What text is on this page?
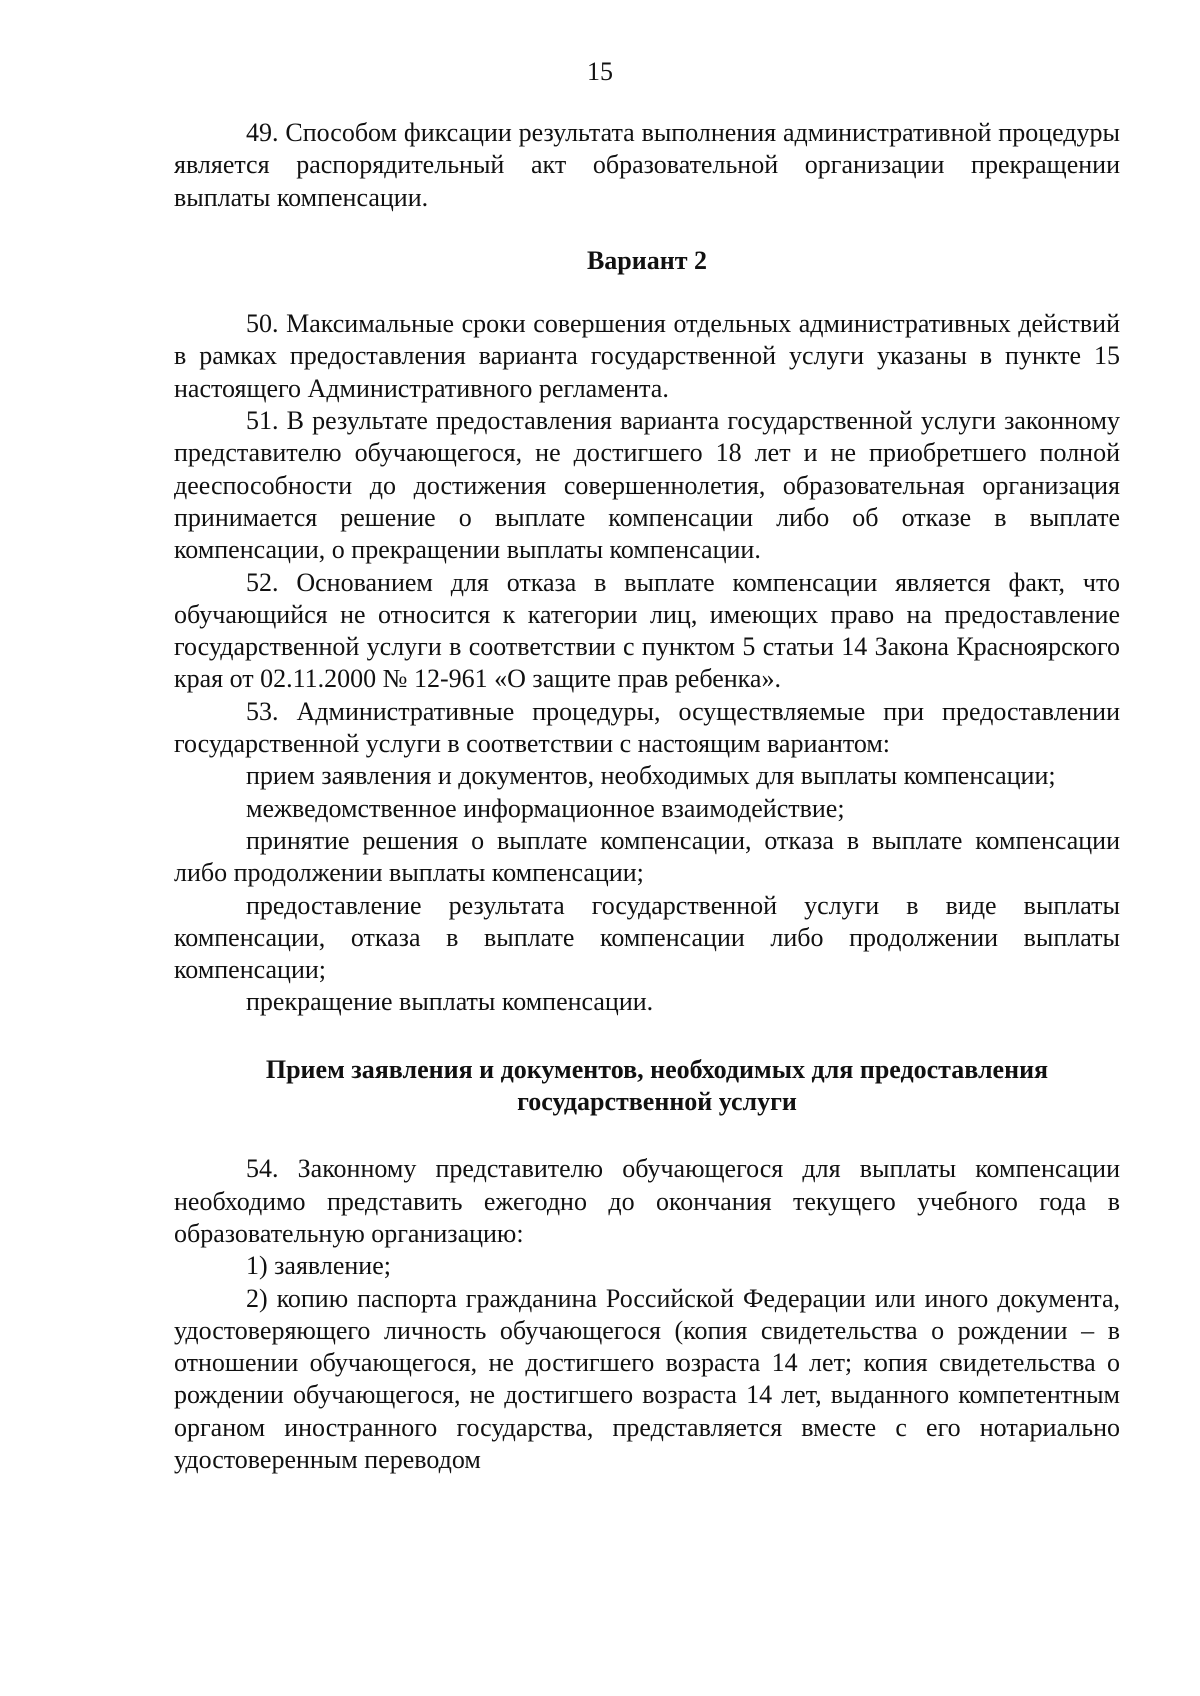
15

49. Способом фиксации результата выполнения административной процедуры является распорядительный акт образовательной организации прекращении выплаты компенсации.

Вариант 2

50. Максимальные сроки совершения отдельных административных действий в рамках предоставления варианта государственной услуги указаны в пункте 15 настоящего Административного регламента.

51. В результате предоставления варианта государственной услуги законному представителю обучающегося, не достигшего 18 лет и не приобретшего полной дееспособности до достижения совершеннолетия, образовательная организация принимается решение о выплате компенсации либо об отказе в выплате компенсации, о прекращении выплаты компенсации.

52. Основанием для отказа в выплате компенсации является факт, что обучающийся не относится к категории лиц, имеющих право на предоставление государственной услуги в соответствии с пунктом 5 статьи 14 Закона Красноярского края от 02.11.2000 № 12-961 «О защите прав ребенка».

53. Административные процедуры, осуществляемые при предоставлении государственной услуги в соответствии с настоящим вариантом:

прием заявления и документов, необходимых для выплаты компенсации;

межведомственное информационное взаимодействие;

принятие решения о выплате компенсации, отказа в выплате компенсации либо продолжении выплаты компенсации;

предоставление результата государственной услуги в виде выплаты компенсации, отказа в выплате компенсации либо продолжении выплаты компенсации;

прекращение выплаты компенсации.

Прием заявления и документов, необходимых для предоставления государственной услуги

54. Законному представителю обучающегося для выплаты компенсации необходимо представить ежегодно до окончания текущего учебного года в образовательную организацию:

1) заявление;

2) копию паспорта гражданина Российской Федерации или иного документа, удостоверяющего личность обучающегося (копия свидетельства о рождении – в отношении обучающегося, не достигшего возраста 14 лет; копия свидетельства о рождении обучающегося, не достигшего возраста 14 лет, выданного компетентным органом иностранного государства, представляется вместе с его нотариально удостоверенным переводом
